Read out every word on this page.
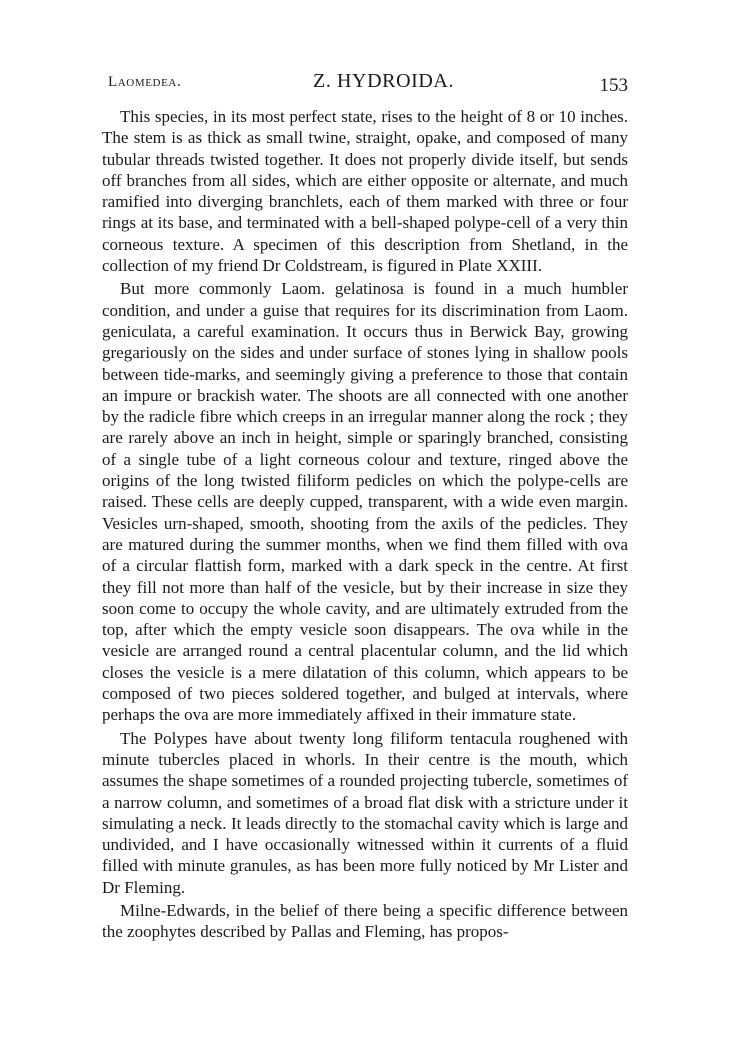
Laomedea.	Z. HYDROIDA.	153

This species, in its most perfect state, rises to the height of 8 or 10 inches. The stem is as thick as small twine, straight, opake, and composed of many tubular threads twisted together. It does not properly divide itself, but sends off branches from all sides, which are either opposite or alternate, and much ramified into diverging branchlets, each of them marked with three or four rings at its base, and terminated with a bell-shaped polype-cell of a very thin corneous texture. A specimen of this description from Shetland, in the collection of my friend Dr Coldstream, is figured in Plate XXIII.

But more commonly Laom. gelatinosa is found in a much humbler condition, and under a guise that requires for its discrimination from Laom. geniculata, a careful examination. It occurs thus in Berwick Bay, growing gregariously on the sides and under surface of stones lying in shallow pools between tide-marks, and seemingly giving a preference to those that contain an impure or brackish water. The shoots are all connected with one another by the radicle fibre which creeps in an irregular manner along the rock ; they are rarely above an inch in height, simple or sparingly branched, consisting of a single tube of a light corneous colour and texture, ringed above the origins of the long twisted filiform pedicles on which the polype-cells are raised. These cells are deeply cupped, transparent, with a wide even margin. Vesicles urn-shaped, smooth, shooting from the axils of the pedicles. They are matured during the summer months, when we find them filled with ova of a circular flattish form, marked with a dark speck in the centre. At first they fill not more than half of the vesicle, but by their increase in size they soon come to occupy the whole cavity, and are ultimately extruded from the top, after which the empty vesicle soon disappears. The ova while in the vesicle are arranged round a central placentular column, and the lid which closes the vesicle is a mere dilatation of this column, which appears to be composed of two pieces soldered together, and bulged at intervals, where perhaps the ova are more immediately affixed in their immature state.

The Polypes have about twenty long filiform tentacula roughened with minute tubercles placed in whorls. In their centre is the mouth, which assumes the shape sometimes of a rounded projecting tubercle, sometimes of a narrow column, and sometimes of a broad flat disk with a stricture under it simulating a neck. It leads directly to the stomachal cavity which is large and undivided, and I have occasionally witnessed within it currents of a fluid filled with minute granules, as has been more fully noticed by Mr Lister and Dr Fleming.

Milne-Edwards, in the belief of there being a specific difference between the zoophytes described by Pallas and Fleming, has propos-
